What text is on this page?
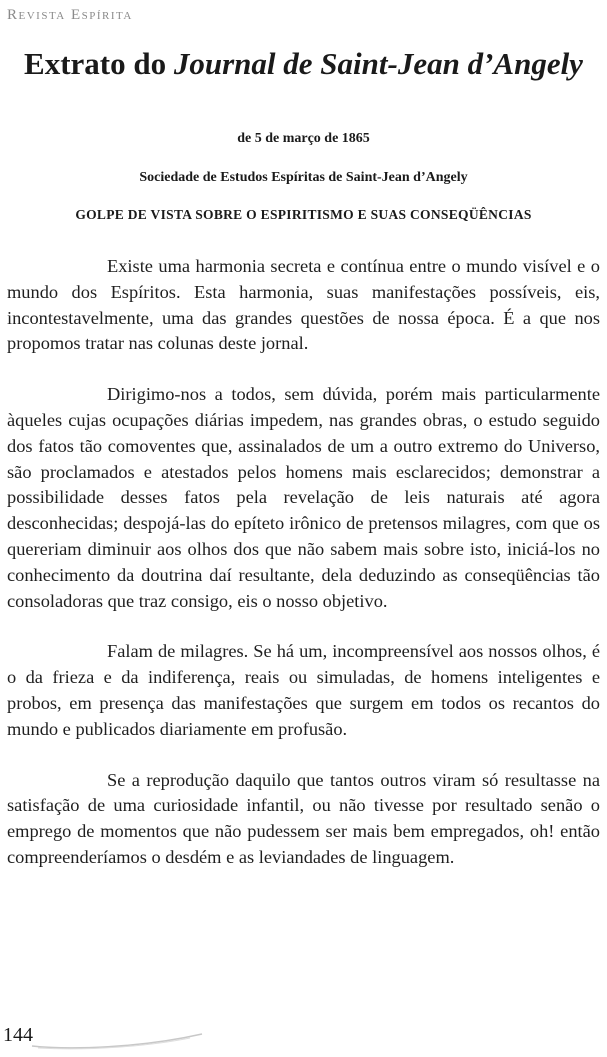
Revista Espírita
Extrato do Journal de Saint-Jean d’Angely
de 5 de março de 1865
Sociedade de Estudos Espíritas de Saint-Jean d’Angely
GOLPE DE VISTA SOBRE O ESPIRITISMO E SUAS CONSEQÜÊNCIAS

Existe uma harmonia secreta e contínua entre o mundo visível e o mundo dos Espíritos. Esta harmonia, suas manifestações possíveis, eis, incontestavelmente, uma das grandes questões de nossa época. É a que nos propomos tratar nas colunas deste jornal.

Dirigimo-nos a todos, sem dúvida, porém mais particularmente àqueles cujas ocupações diárias impedem, nas grandes obras, o estudo seguido dos fatos tão comoventes que, assinalados de um a outro extremo do Universo, são proclamados e atestados pelos homens mais esclarecidos; demonstrar a possibilidade desses fatos pela revelação de leis naturais até agora desconhecidas; despojá-las do epíteto irônico de pretensos milagres, com que os quereriam diminuir aos olhos dos que não sabem mais sobre isto, iniciá-los no conhecimento da doutrina daí resultante, dela deduzindo as conseqüências tão consoladoras que traz consigo, eis o nosso objetivo.

Falam de milagres. Se há um, incompreensível aos nossos olhos, é o da frieza e da indiferença, reais ou simuladas, de homens inteligentes e probos, em presença das manifestações que surgem em todos os recantos do mundo e publicados diariamente em profusão.

Se a reprodução daquilo que tantos outros viram só resultasse na satisfação de uma curiosidade infantil, ou não tivesse por resultado senão o emprego de momentos que não pudessem ser mais bem empregados, oh! então compreenderíamos o desdém e as leviandades de linguagem.

144
